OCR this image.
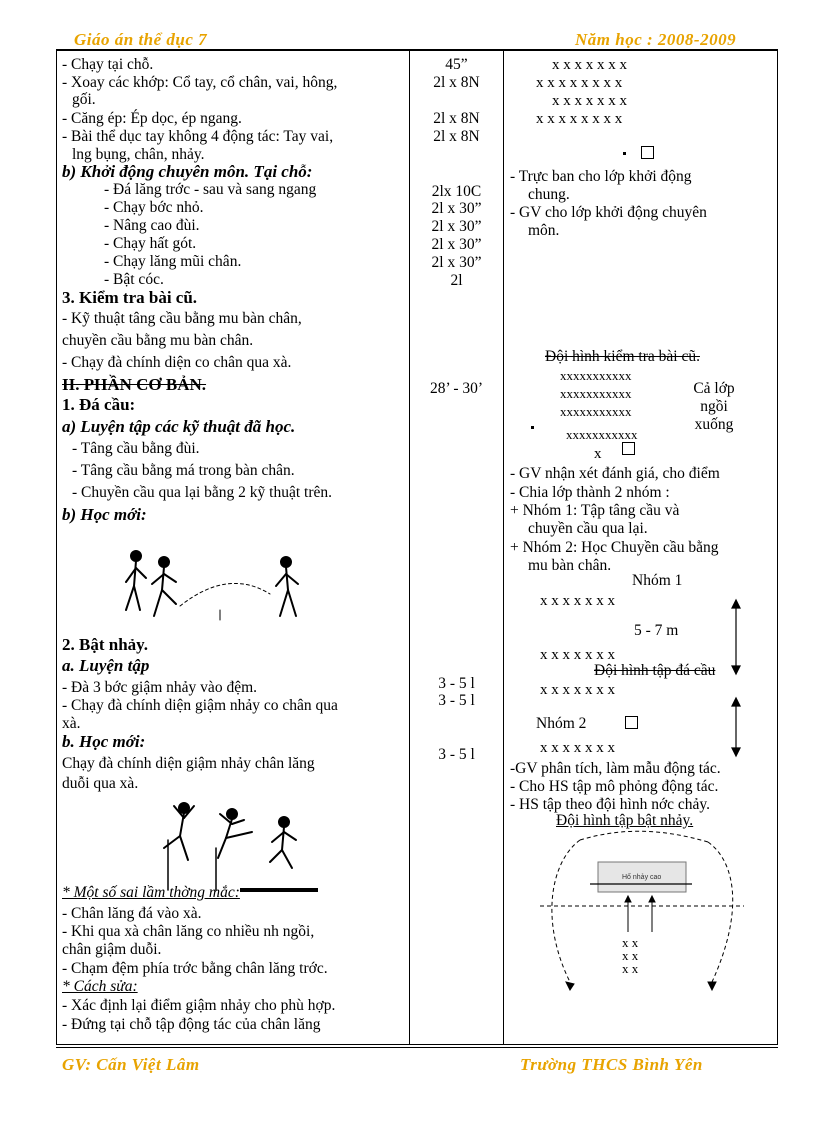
Giáo án thể dục 7	Năm học : 2008-2009
- Chạy tại chỗ.
- Xoay các khớp: Cổ tay, cổ chân, vai, hông,
gối.
- Căng ép: Ép dọc, ép ngang.
- Bài thể dục tay không 4 động tác: Tay vai,
lng bụng, chân, nhảy.
b) Khởi động chuyên môn. Tại chỗ:
- Đá lăng trớc - sau và sang ngang
- Chạy bớc nhỏ.
- Nâng cao đùi.
- Chạy hất gót.
- Chạy lăng mũi chân.
- Bật cóc.
3. Kiểm tra bài cũ.
- Kỹ thuật tâng cầu bằng mu bàn chân,
chuyền cầu bằng mu bàn chân.
- Chạy đà chính diện co chân qua xà.
II. PHẦN CƠ BẢN.
1. Đá cầu:
a) Luyện tập các kỹ thuật đã học.
- Tâng cầu bằng đùi.
- Tâng cầu bằng má trong bàn chân.
- Chuyền cầu qua lại bằng 2 kỹ thuật trên.
b) Học mới:
2. Bật nhảy.
a. Luyện tập
- Đà 3 bớc giậm nhảy vào đệm.
- Chạy đà chính diện giậm nhảy co chân qua
xà.
b. Học mới:
Chạy đà chính diện giậm nhảy chân lăng
duỗi qua xà.
* Một số sai lầm thờng mắc:
- Chân lăng đá vào xà.
- Khi qua xà chân lăng co nhiều nh ngồi,
chân giậm duỗi.
- Chạm đệm phía trớc bằng chân lăng trớc.
* Cách sửa:
- Xác định lại điểm giậm nhảy cho phù hợp.
- Đứng tại chỗ tập động tác của chân lăng
45”
2l x 8N
2l x 8N
2l x 8N
2lx 10C
2l x 30”
2l x 30”
2l x 30”
2l x 30”
2l
28’ - 30’
3 - 5 l
3 - 5 l
3 - 5 l
x x x x x x x
x x x x x x x x
x x x x x x x
x x x x x x x x
- Trực ban cho lớp khởi động
chung.
- GV cho lớp khởi động chuyên
môn.
Đội hình kiểm tra bài cũ.
xxxxxxxxxxx
xxxxxxxxxxx
xxxxxxxxxxx
xxxxxxxxxxx
Cả lớp
ngồi
xuống
x
- GV nhận xét đánh giá, cho điểm
- Chia lớp thành 2 nhóm :
+ Nhóm 1: Tập tâng cầu và
chuyền cầu qua lại.
+ Nhóm 2: Học Chuyền cầu bằng
mu bàn chân.
Nhóm 1
x x x x x x x
5 - 7 m
x x x x x x x
Đội hình tập đá cầu
x x x x x x x
Nhóm 2
x x x x x x x
-GV phân tích, làm mẫu động tác.
- Cho HS tập mô phỏng động tác.
- HS tập theo đội hình nớc chảy.
Đội hình tập bật nhảy.
Hố nhảy cao
x x
x x
x x
GV: Cấn Việt Lâm	Trường THCS Bình Yên
